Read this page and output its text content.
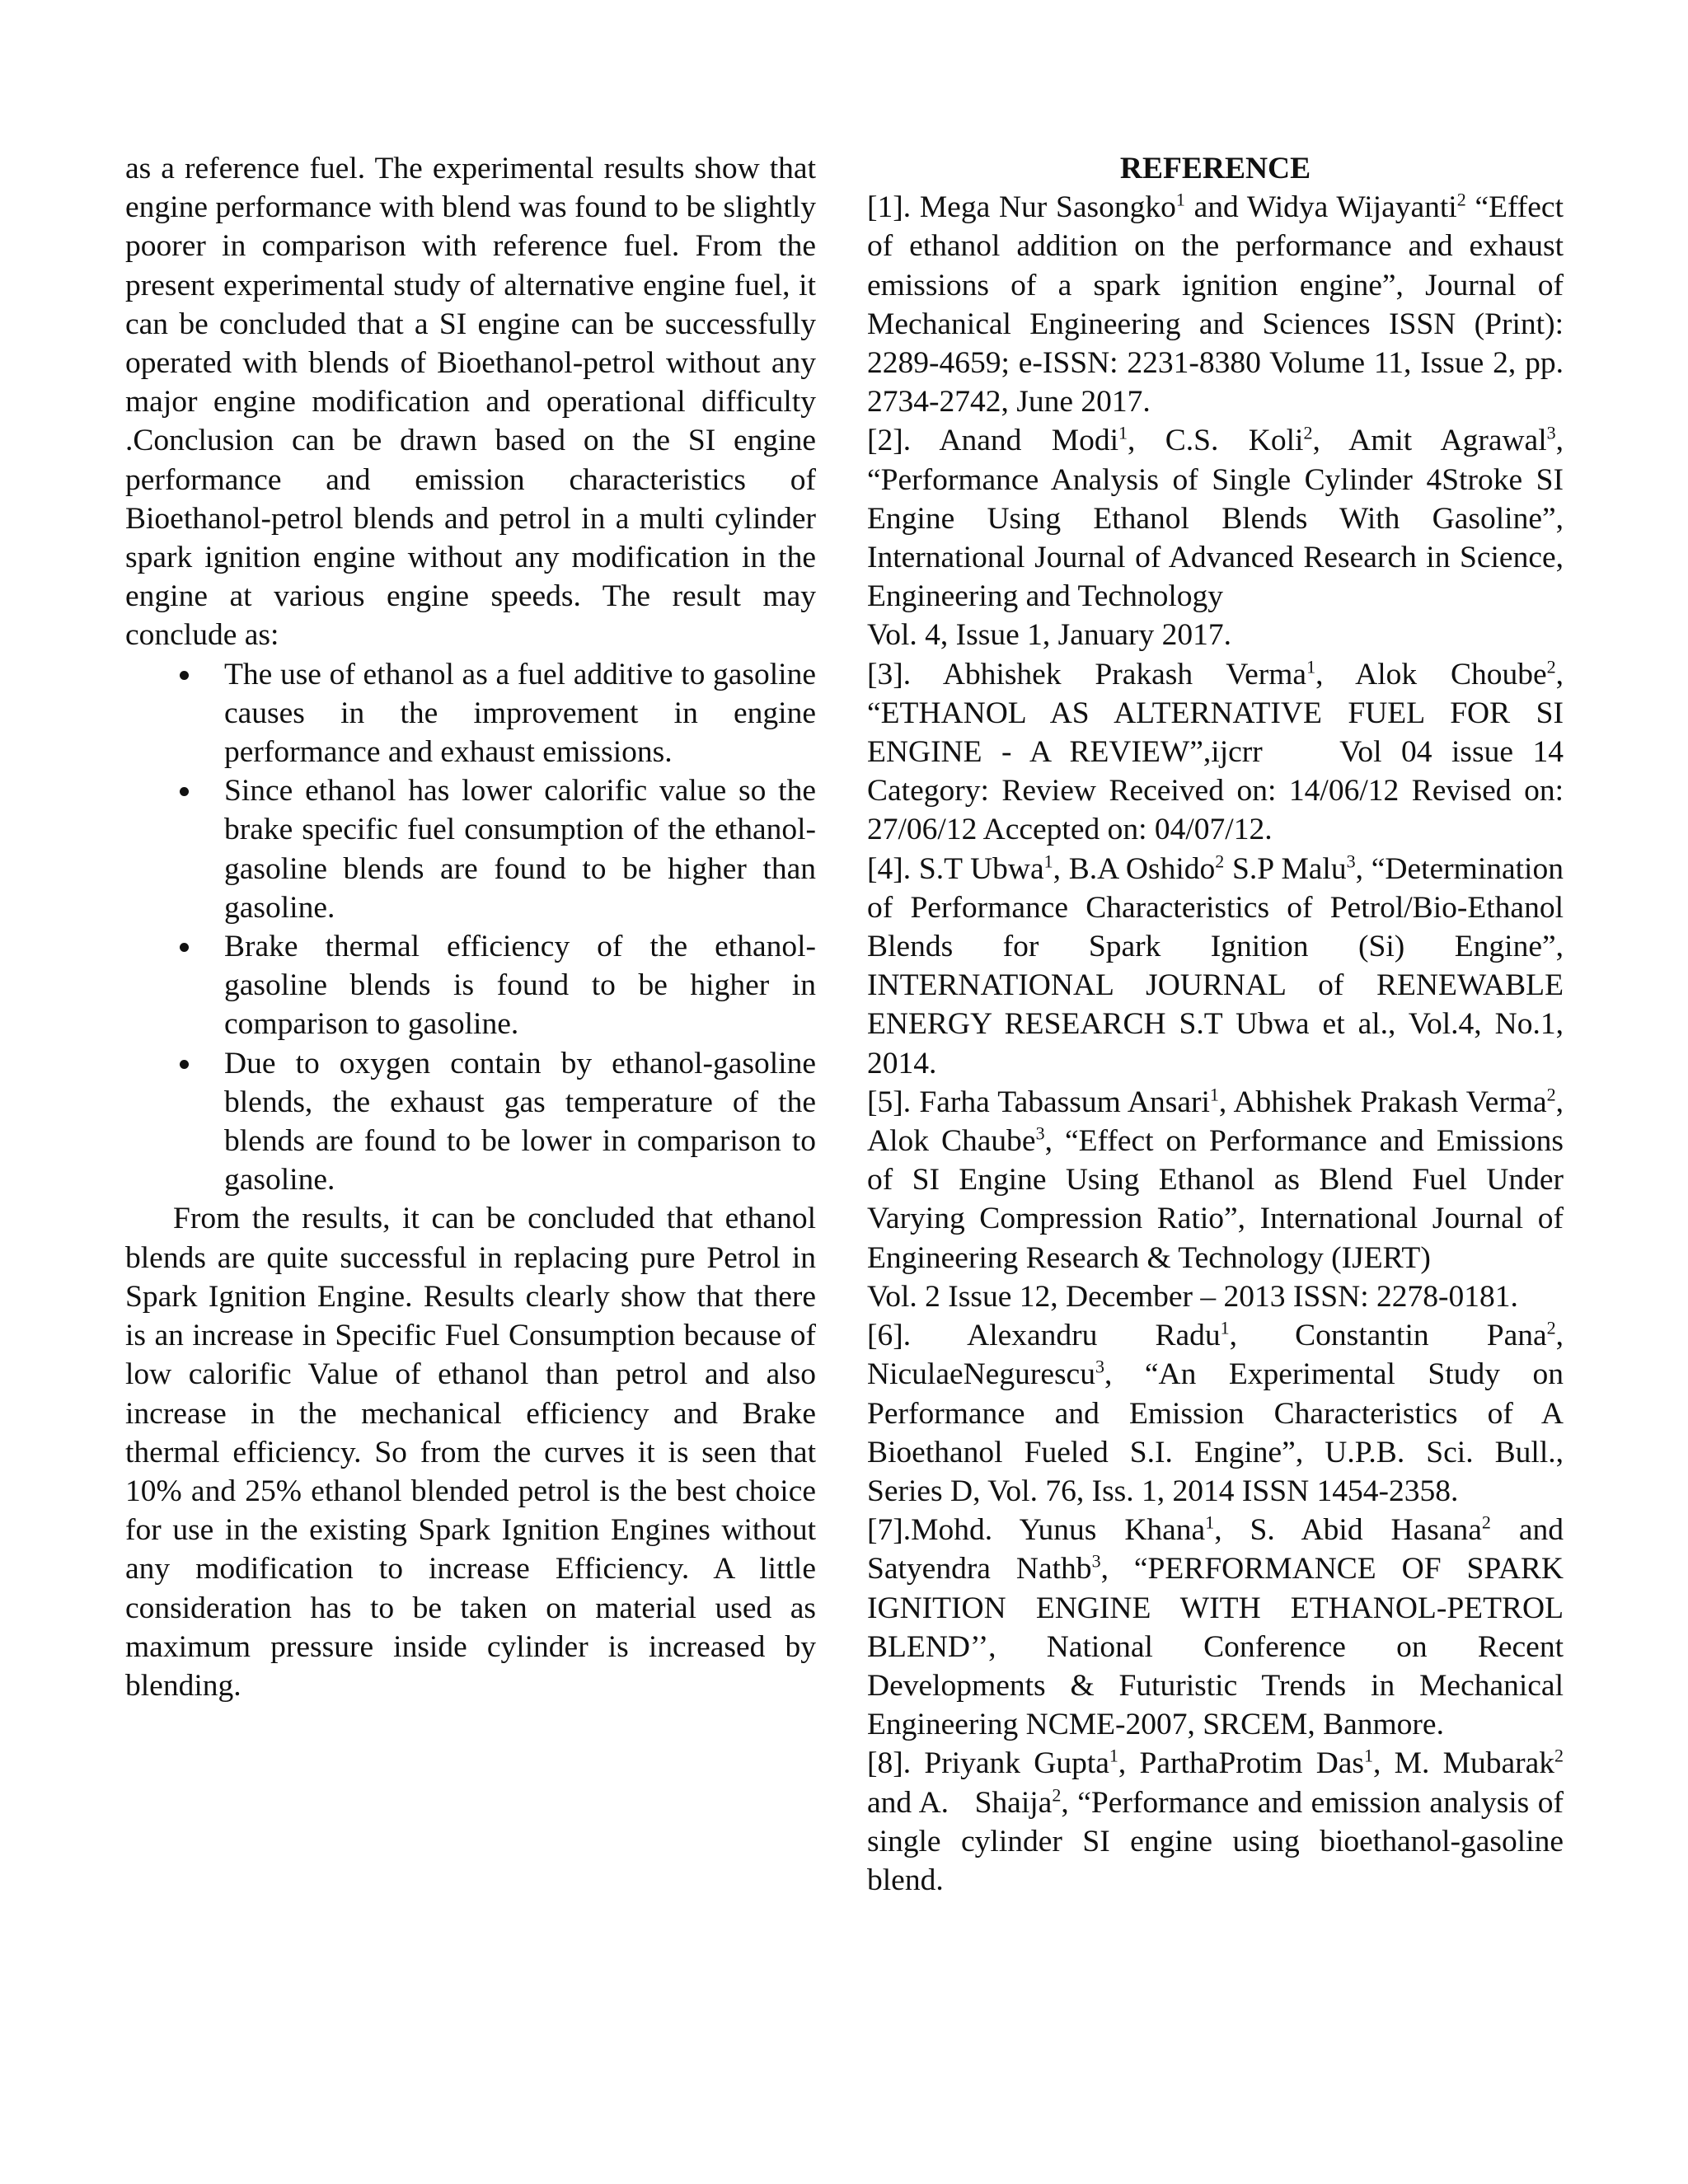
as a reference fuel. The experimental results show that engine performance with blend was found to be slightly poorer in comparison with reference fuel. From the present experimental study of alternative engine fuel, it can be concluded that a SI engine can be successfully operated with blends of Bioethanol-petrol without any major engine modification and operational difficulty .Conclusion can be drawn based on the SI engine performance and emission characteristics of Bioethanol-petrol blends and petrol in a multi cylinder spark ignition engine without any modification in the engine at various engine speeds. The result may conclude as:

The use of ethanol as a fuel additive to gasoline causes in the improvement in engine performance and exhaust emissions.
Since ethanol has lower calorific value so the brake specific fuel consumption of the ethanol-gasoline blends are found to be higher than gasoline.
Brake thermal efficiency of the ethanol-gasoline blends is found to be higher in comparison to gasoline.
Due to oxygen contain by ethanol-gasoline blends, the exhaust gas temperature of the blends are found to be lower in comparison to gasoline.

From the results, it can be concluded that ethanol blends are quite successful in replacing pure Petrol in Spark Ignition Engine. Results clearly show that there is an increase in Specific Fuel Consumption because of low calorific Value of ethanol than petrol and also increase in the mechanical efficiency and Brake thermal efficiency. So from the curves it is seen that 10% and 25% ethanol blended petrol is the best choice for use in the existing Spark Ignition Engines without any modification to increase Efficiency. A little consideration has to be taken on material used as maximum pressure inside cylinder is increased by blending.

REFERENCE

[1]. Mega Nur Sasongko$^1$ and Widya Wijayanti$^2$ “Effect of ethanol addition on the performance and exhaust emissions of a spark ignition engine”, Journal of Mechanical Engineering and Sciences ISSN (Print): 2289-4659; e-ISSN: 2231-8380 Volume 11, Issue 2, pp. 2734-2742, June 2017.

[2]. Anand Modi$^1$, C.S. Koli$^2$, Amit Agrawal$^3$, “Performance Analysis of Single Cylinder 4Stroke SI Engine Using Ethanol Blends With Gasoline”, International Journal of Advanced Research in Science, Engineering and Technology

Vol. 4, Issue 1, January 2017.

[3]. Abhishek Prakash Verma$^1$, Alok Choube$^2$, “ETHANOL AS ALTERNATIVE FUEL FOR SI ENGINE - A REVIEW”,ijcrr    Vol 04 issue 14 Category: Review Received on: 14/06/12 Revised on: 27/06/12 Accepted on: 04/07/12.

[4]. S.T Ubwa$^1$, B.A Oshido$^2$ S.P Malu$^3$, “Determination of Performance Characteristics of Petrol/Bio-Ethanol Blends for Spark Ignition (Si) Engine”, INTERNATIONAL JOURNAL of RENEWABLE ENERGY RESEARCH S.T Ubwa et al., Vol.4, No.1, 2014.

[5]. Farha Tabassum Ansari$^1$, Abhishek Prakash Verma$^2$, Alok Chaube$^3$, “Effect on Performance and Emissions of SI Engine Using Ethanol as Blend Fuel Under Varying Compression Ratio”, International Journal of Engineering Research & Technology (IJERT)

Vol. 2 Issue 12, December – 2013 ISSN: 2278-0181.

[6]. Alexandru Radu$^1$, Constantin Pana$^2$, NiculaeNegurescu$^3$, “An Experimental Study on Performance and Emission Characteristics of A Bioethanol Fueled S.I. Engine”, U.P.B. Sci. Bull., Series D, Vol. 76, Iss. 1, 2014 ISSN 1454-2358.

[7].Mohd. Yunus Khana$^1$, S. Abid Hasana$^2$ and Satyendra Nathb$^3$, “PERFORMANCE OF SPARK IGNITION ENGINE WITH ETHANOL-PETROL BLEND’’, National Conference on Recent Developments & Futuristic Trends in Mechanical Engineering NCME-2007, SRCEM, Banmore.

[8]. Priyank Gupta$^1$, ParthaProtim Das$^1$, M. Mubarak$^2$ and A.   Shaija$^2$, “Performance and emission analysis of single cylinder SI engine using bioethanol-gasoline blend.
